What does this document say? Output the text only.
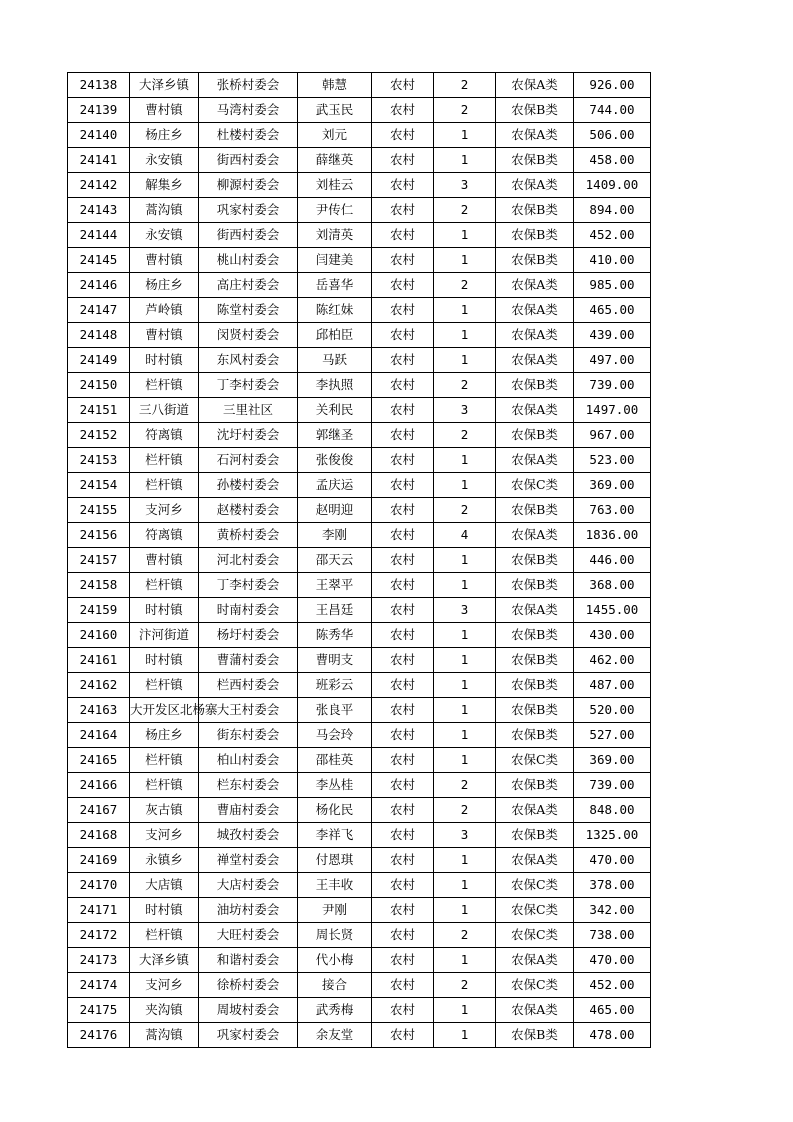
24138	大泽乡镇	张桥村委会	韩慧	农村	2	农保A类	926.00
24139	曹村镇	马湾村委会	武玉民	农村	2	农保B类	744.00
24140	杨庄乡	杜楼村委会	刘元	农村	1	农保A类	506.00
24141	永安镇	街西村委会	薛继英	农村	1	农保B类	458.00
24142	解集乡	柳源村委会	刘桂云	农村	3	农保A类	1409.00
24143	蒿沟镇	巩家村委会	尹传仁	农村	2	农保B类	894.00
24144	永安镇	街西村委会	刘清英	农村	1	农保B类	452.00
24145	曹村镇	桃山村委会	闫建美	农村	1	农保B类	410.00
24146	杨庄乡	高庄村委会	岳喜华	农村	2	农保A类	985.00
24147	芦岭镇	陈堂村委会	陈红妹	农村	1	农保A类	465.00
24148	曹村镇	闵贤村委会	邱柏臣	农村	1	农保A类	439.00
24149	时村镇	东风村委会	马跃	农村	1	农保A类	497.00
24150	栏杆镇	丁李村委会	李执照	农村	2	农保B类	739.00
24151	三八街道	三里社区	关利民	农村	3	农保A类	1497.00
24152	符离镇	沈圩村委会	郭继圣	农村	2	农保B类	967.00
24153	栏杆镇	石河村委会	张俊俊	农村	1	农保A类	523.00
24154	栏杆镇	孙楼村委会	孟庆运	农村	1	农保C类	369.00
24155	支河乡	赵楼村委会	赵明迎	农村	2	农保B类	763.00
24156	符离镇	黄桥村委会	李刚	农村	4	农保A类	1836.00
24157	曹村镇	河北村委会	邵天云	农村	1	农保B类	446.00
24158	栏杆镇	丁李村委会	王翠平	农村	1	农保B类	368.00
24159	时村镇	时南村委会	王昌廷	农村	3	农保A类	1455.00
24160	汴河街道	杨圩村委会	陈秀华	农村	1	农保B类	430.00
24161	时村镇	曹蒲村委会	曹明支	农村	1	农保B类	462.00
24162	栏杆镇	栏西村委会	班彩云	农村	1	农保B类	487.00
24163	大开发区北杨寨	大王村委会	张良平	农村	1	农保B类	520.00
24164	杨庄乡	街东村委会	马会玲	农村	1	农保B类	527.00
24165	栏杆镇	柏山村委会	邵桂英	农村	1	农保C类	369.00
24166	栏杆镇	栏东村委会	李丛桂	农村	2	农保B类	739.00
24167	灰古镇	曹庙村委会	杨化民	农村	2	农保A类	848.00
24168	支河乡	城孜村委会	李祥飞	农村	3	农保B类	1325.00
24169	永镇乡	禅堂村委会	付恩琪	农村	1	农保A类	470.00
24170	大店镇	大店村委会	王丰收	农村	1	农保C类	378.00
24171	时村镇	油坊村委会	尹刚	农村	1	农保C类	342.00
24172	栏杆镇	大旺村委会	周长贤	农村	2	农保C类	738.00
24173	大泽乡镇	和谐村委会	代小梅	农村	1	农保A类	470.00
24174	支河乡	徐桥村委会	接合	农村	2	农保C类	452.00
24175	夹沟镇	周坡村委会	武秀梅	农村	1	农保A类	465.00
24176	蒿沟镇	巩家村委会	余友堂	农村	1	农保B类	478.00
